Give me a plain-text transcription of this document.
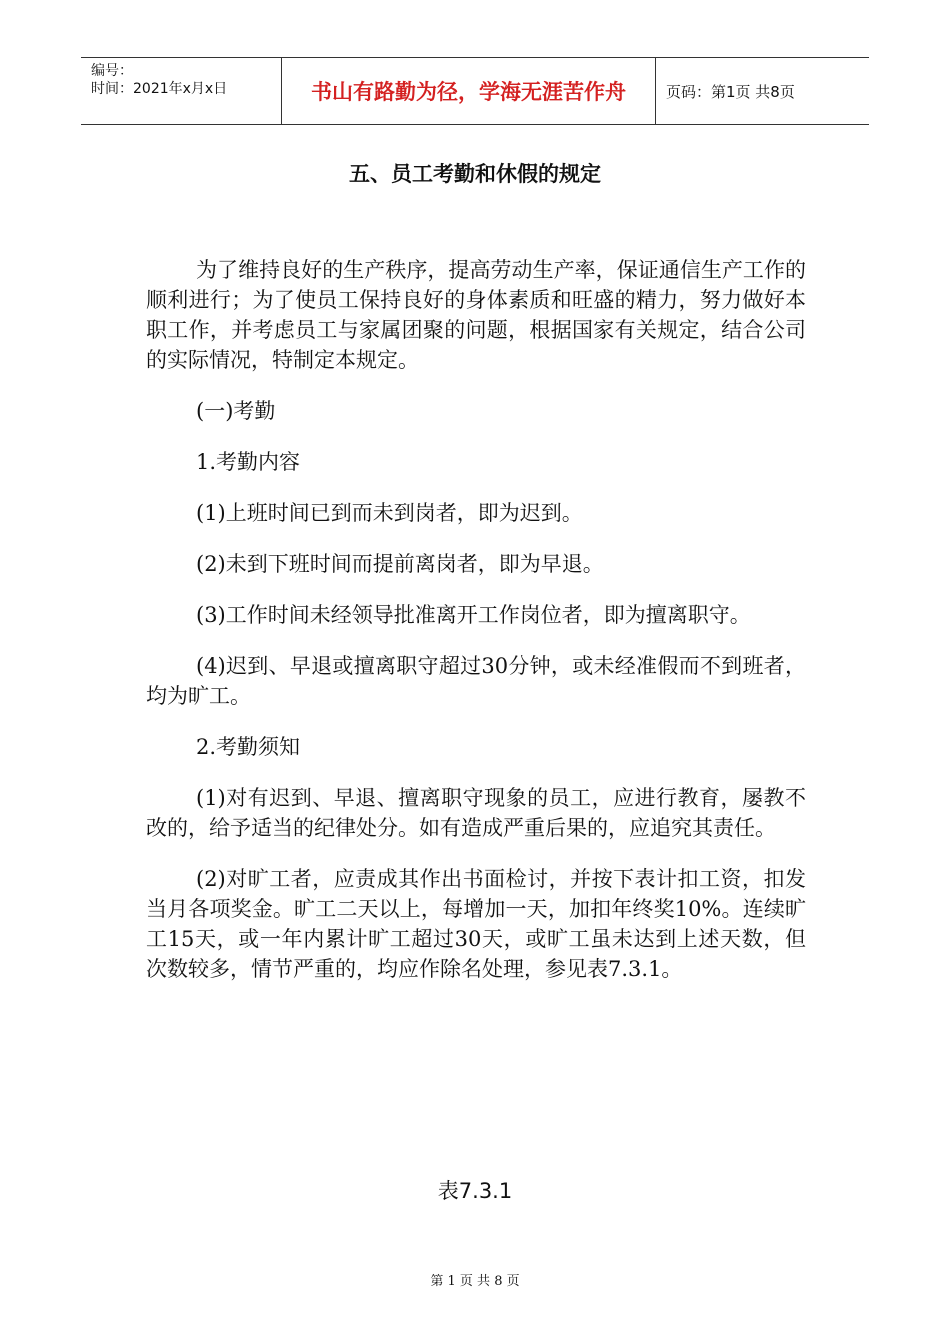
编号：
时间：2021年x月x日	书山有路勤为径，学海无涯苦作舟	页码：第1页 共8页
五、员工考勤和休假的规定

为了维持良好的生产秩序，提高劳动生产率，保证通信生产工作的顺利进行；为了使员工保持良好的身体素质和旺盛的精力，努力做好本职工作，并考虑员工与家属团聚的问题，根据国家有关规定，结合公司的实际情况，特制定本规定。

(一)考勤

1.考勤内容

(1)上班时间已到而未到岗者，即为迟到。

(2)未到下班时间而提前离岗者，即为早退。

(3)工作时间未经领导批准离开工作岗位者，即为擅离职守。

(4)迟到、早退或擅离职守超过30分钟，或未经准假而不到班者，均为旷工。

2.考勤须知

(1)对有迟到、早退、擅离职守现象的员工，应进行教育，屡教不改的，给予适当的纪律处分。如有造成严重后果的，应追究其责任。

(2)对旷工者，应责成其作出书面检讨，并按下表计扣工资，扣发当月各项奖金。旷工二天以上，每增加一天，加扣年终奖10%。连续旷工15天，或一年内累计旷工超过30天，或旷工虽未达到上述天数，但次数较多，情节严重的，均应作除名处理，参见表7.3.1。

表7.3.1
第 1 页 共 8 页
